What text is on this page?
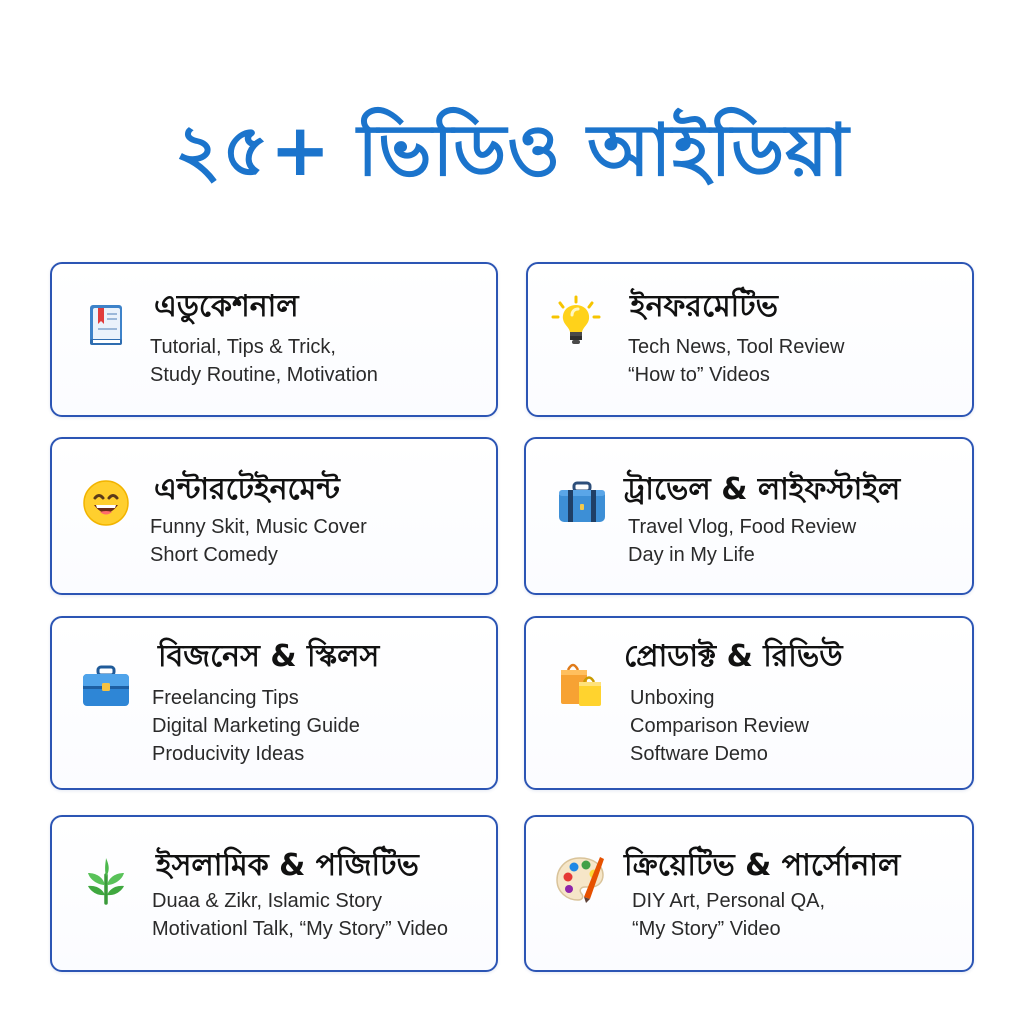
২৫+ ভিডিও আইডিয়া
এডুকেশনাল
Tutorial, Tips & Trick,
Study Routine, Motivation
ইনফরমেটিভ
Tech News, Tool Review
“How to” Videos
এন্টারটেইনমেন্ট
Funny Skit, Music Cover
Short Comedy
ট্রাভেল & লাইফস্টাইল
Travel Vlog, Food Review
Day in My Life
বিজনেস & স্কিলস
Freelancing Tips
Digital Marketing Guide
Producivity Ideas
প্রোডাক্ট & রিভিউ
Unboxing
Comparison Review
Software Demo
ইসলামিক & পজিটিভ
Duaa & Zikr, Islamic Story
Motivationl Talk, “My Story” Video
ক্রিয়েটিভ & পার্সোনাল
DIY Art, Personal QA,
“My Story” Video
